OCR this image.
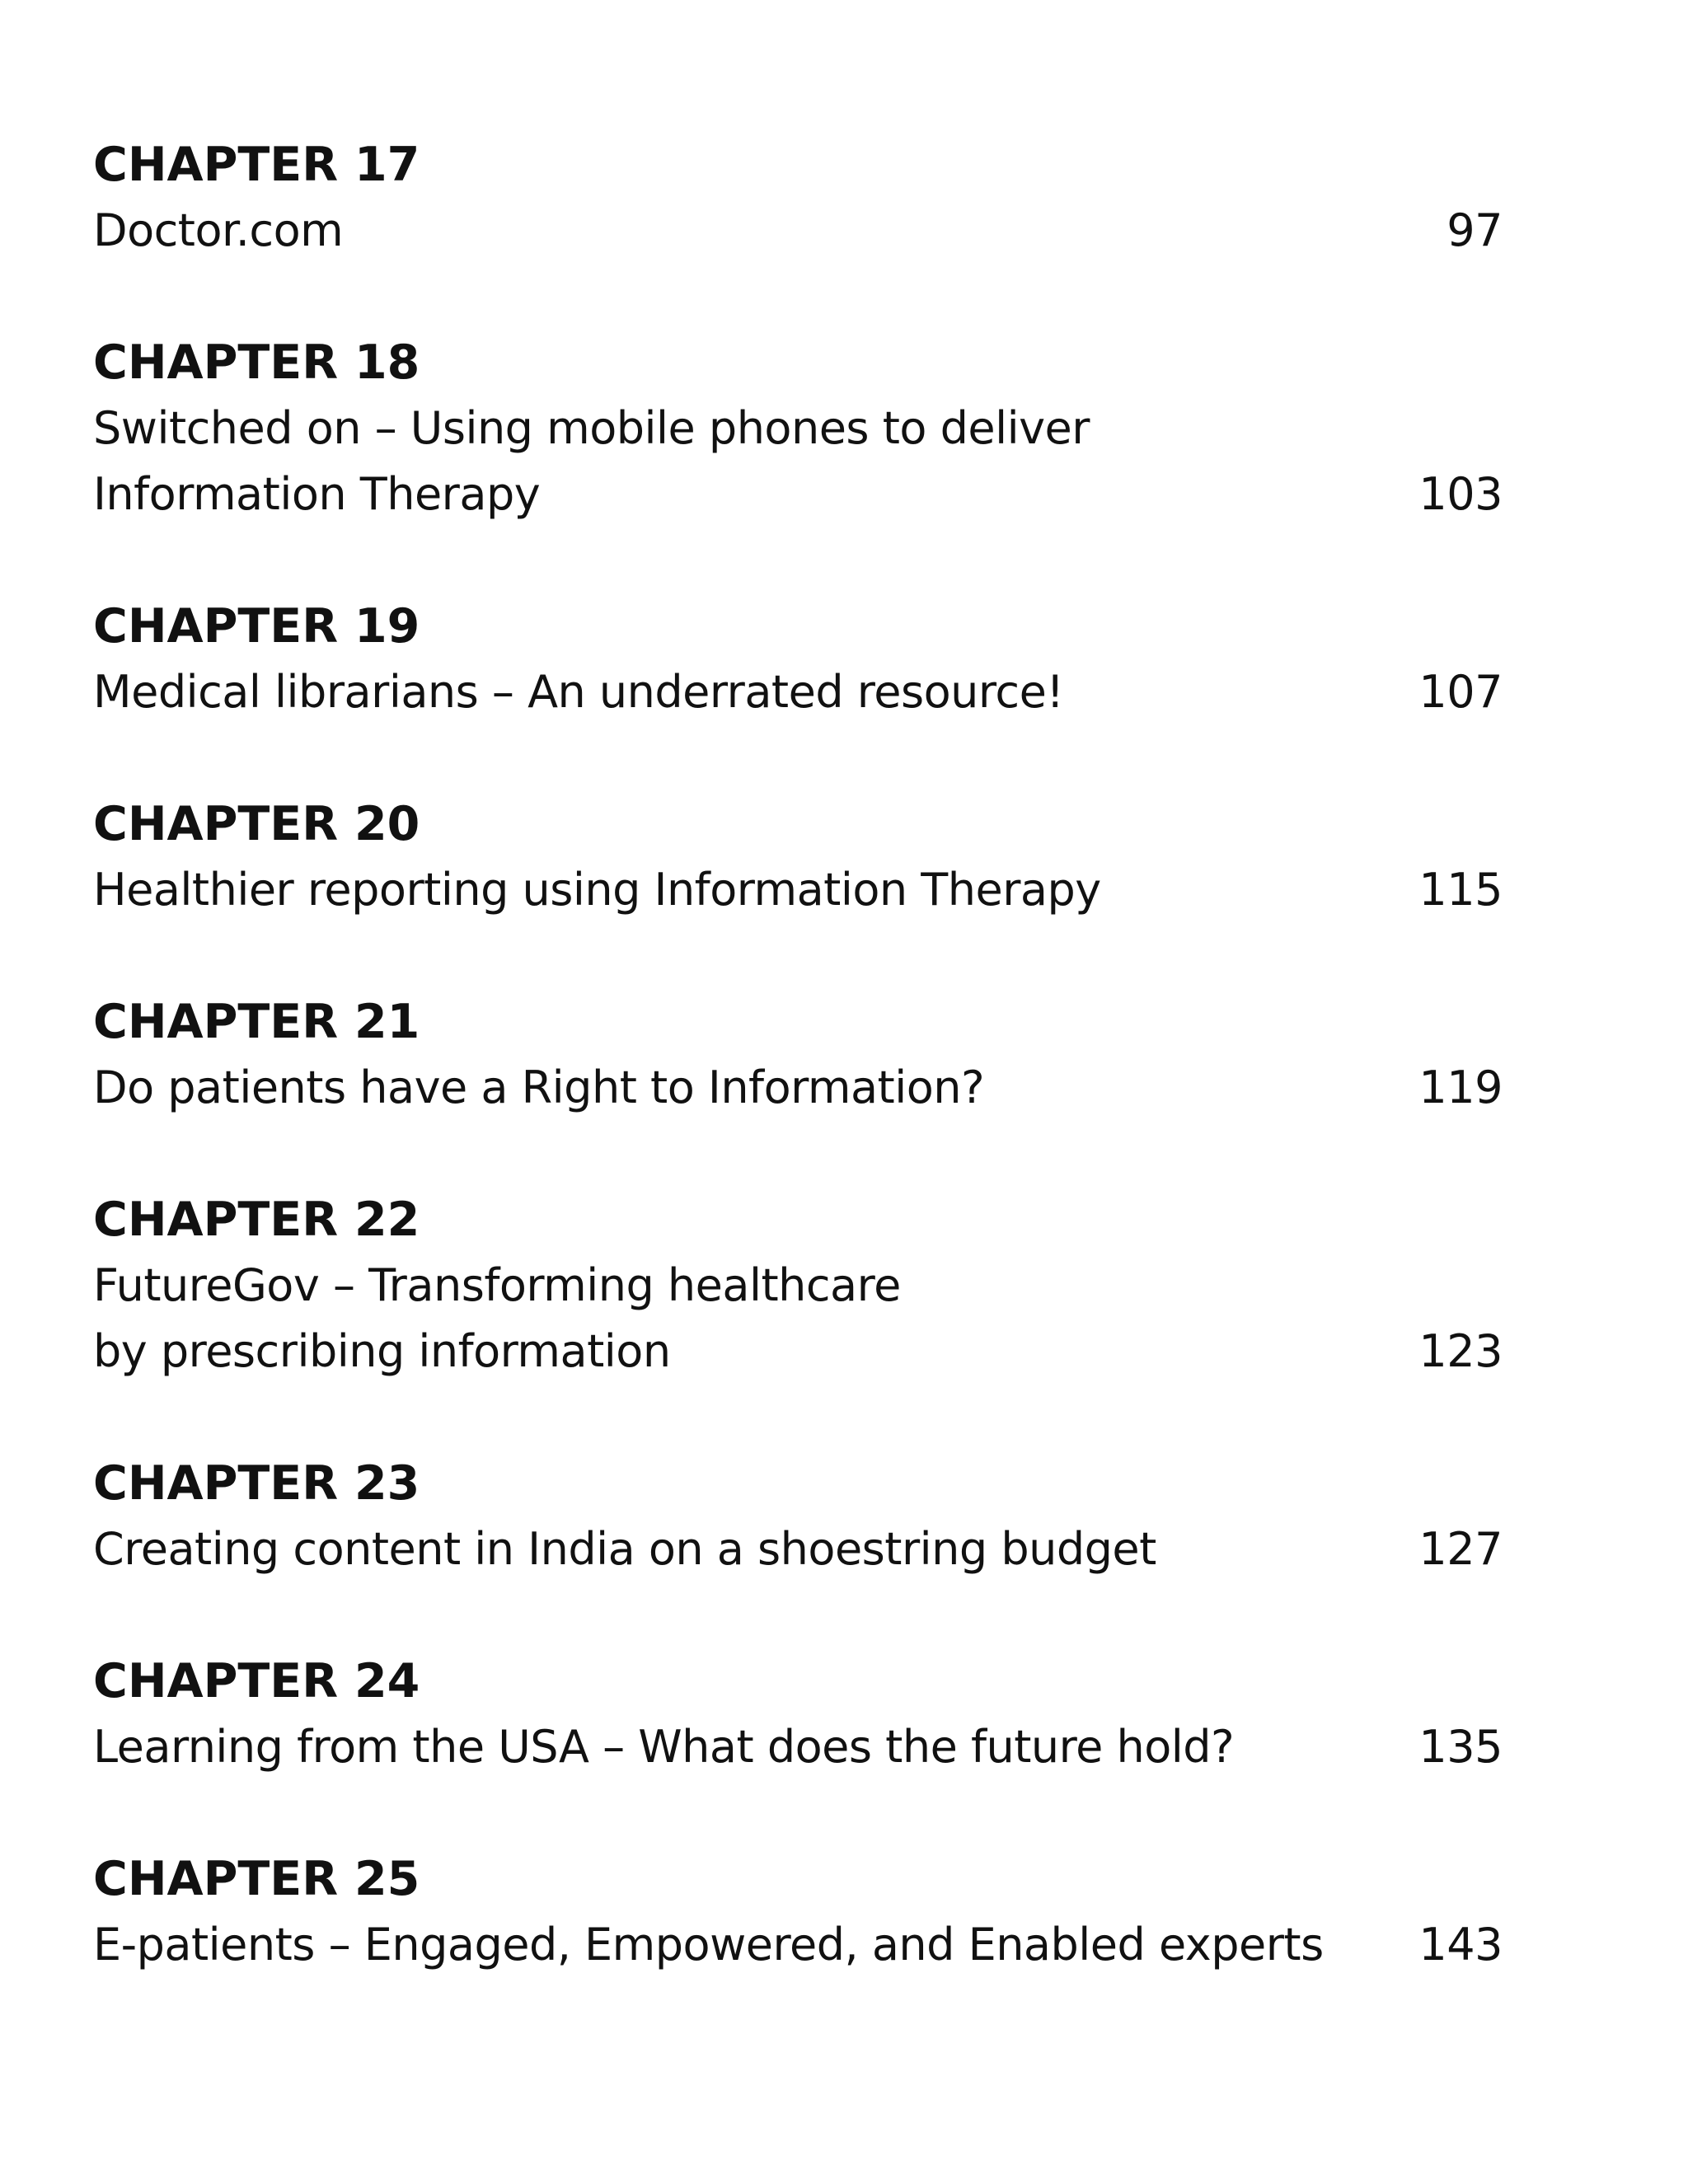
CHAPTER 17
Doctor.com	97
CHAPTER 18
Switched on – Using mobile phones to deliver
Information Therapy	103
CHAPTER 19
Medical librarians – An underrated resource!	107
CHAPTER 20
Healthier reporting using Information Therapy	115
CHAPTER 21
Do patients have a Right to Information?	119
CHAPTER 22
FutureGov – Transforming healthcare
by prescribing information	123
CHAPTER 23
Creating content in India on a shoestring budget	127
CHAPTER 24
Learning from the USA – What does the future hold?	135
CHAPTER 25
E-patients – Engaged, Empowered, and Enabled experts	143
